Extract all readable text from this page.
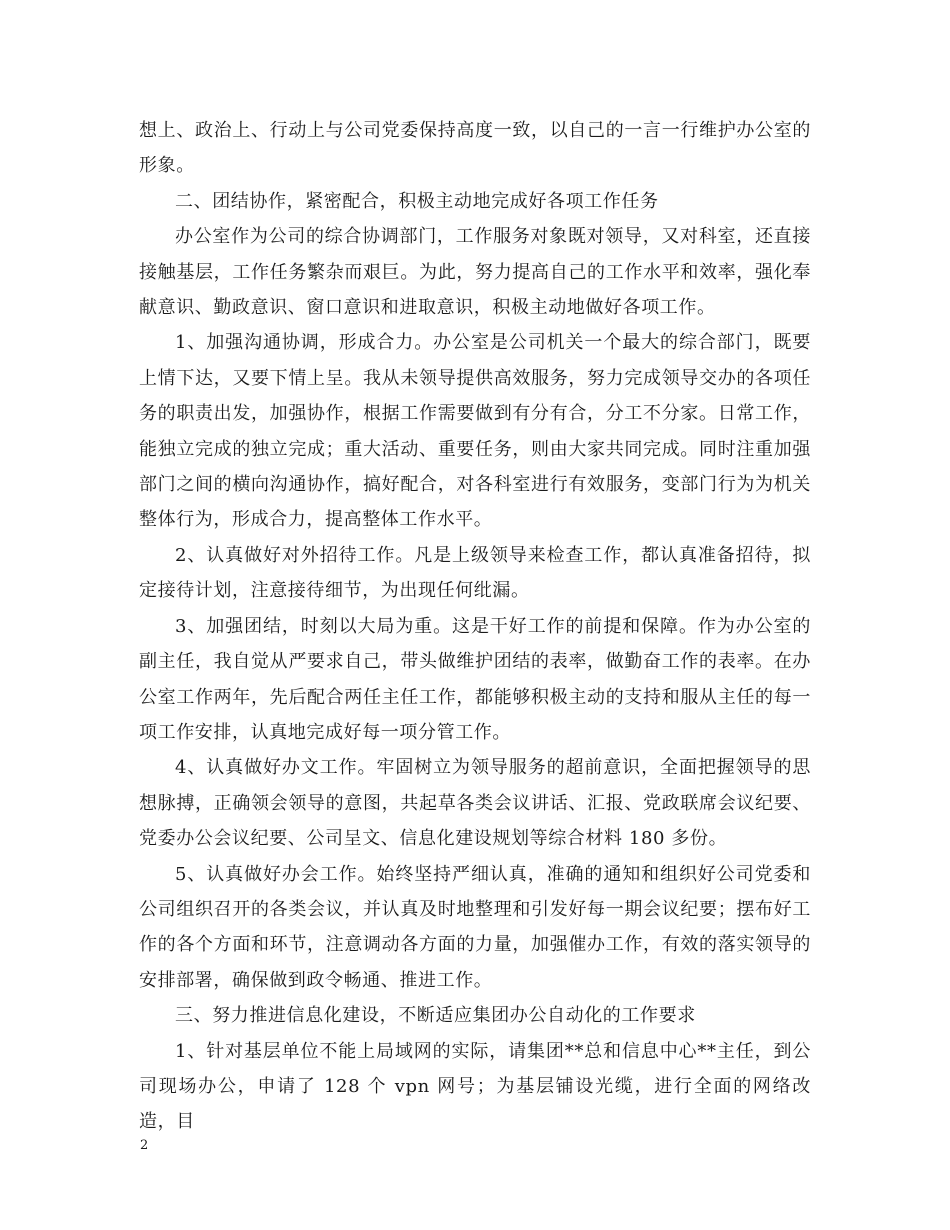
想上、政治上、行动上与公司党委保持高度一致，以自己的一言一行维护办公室的形象。

二、团结协作，紧密配合，积极主动地完成好各项工作任务

办公室作为公司的综合协调部门，工作服务对象既对领导，又对科室，还直接接触基层，工作任务繁杂而艰巨。为此，努力提高自己的工作水平和效率，强化奉献意识、勤政意识、窗口意识和进取意识，积极主动地做好各项工作。

1、加强沟通协调，形成合力。办公室是公司机关一个最大的综合部门，既要上情下达，又要下情上呈。我从未领导提供高效服务，努力完成领导交办的各项任务的职责出发，加强协作，根据工作需要做到有分有合，分工不分家。日常工作，能独立完成的独立完成；重大活动、重要任务，则由大家共同完成。同时注重加强部门之间的横向沟通协作，搞好配合，对各科室进行有效服务，变部门行为为机关整体行为，形成合力，提高整体工作水平。

2、认真做好对外招待工作。凡是上级领导来检查工作，都认真准备招待，拟定接待计划，注意接待细节，为出现任何纰漏。

3、加强团结，时刻以大局为重。这是干好工作的前提和保障。作为办公室的副主任，我自觉从严要求自己，带头做维护团结的表率，做勤奋工作的表率。在办公室工作两年，先后配合两任主任工作，都能够积极主动的支持和服从主任的每一项工作安排，认真地完成好每一项分管工作。

4、认真做好办文工作。牢固树立为领导服务的超前意识，全面把握领导的思想脉搏，正确领会领导的意图，共起草各类会议讲话、汇报、党政联席会议纪要、党委办公会议纪要、公司呈文、信息化建设规划等综合材料 180 多份。

5、认真做好办会工作。始终坚持严细认真，准确的通知和组织好公司党委和公司组织召开的各类会议，并认真及时地整理和引发好每一期会议纪要；摆布好工作的各个方面和环节，注意调动各方面的力量，加强催办工作，有效的落实领导的安排部署，确保做到政令畅通、推进工作。

三、努力推进信息化建设，不断适应集团办公自动化的工作要求

1、针对基层单位不能上局域网的实际，请集团**总和信息中心**主任，到公司现场办公，申请了 128 个 vpn 网号；为基层铺设光缆，进行全面的网络改造，目

2
